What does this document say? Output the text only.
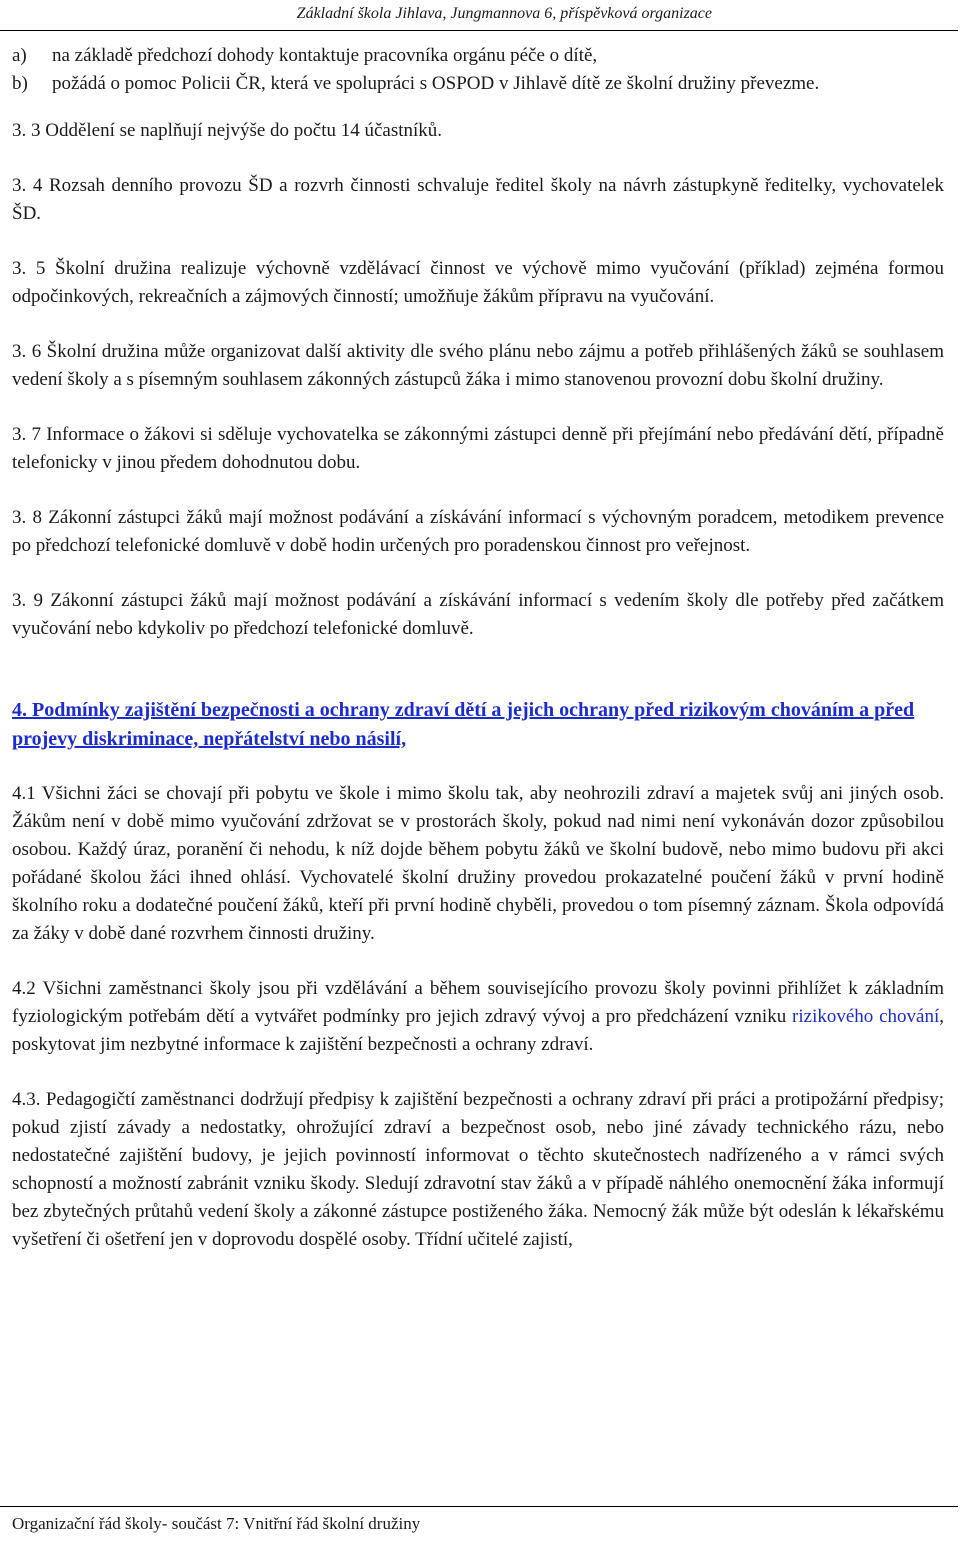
Základní škola Jihlava, Jungmannova 6, příspěvková organizace
a)	na základě předchozí dohody kontaktuje pracovníka orgánu péče o dítě,
b)	požádá o pomoc Policii ČR, která ve spolupráci s OSPOD v Jihlavě dítě ze školní družiny převezme.

3. 3 Oddělení se naplňují nejvýše do počtu 14 účastníků.

3. 4 Rozsah denního provozu ŠD a rozvrh činnosti schvaluje ředitel školy na návrh zástupkyně ředitelky, vychovatelek ŠD.

3. 5 Školní družina realizuje výchovně vzdělávací činnost ve výchově mimo vyučování (příklad) zejména formou odpočinkových, rekreačních a zájmových činností; umožňuje žákům přípravu na vyučování.

3. 6 Školní družina může organizovat další aktivity dle svého plánu nebo zájmu a potřeb přihlášených žáků se souhlasem vedení školy a s písemným souhlasem zákonných zástupců žáka i mimo stanovenou provozní dobu školní družiny.

3. 7 Informace o žákovi si sděluje vychovatelka se zákonnými zástupci denně při přejímání nebo předávání dětí, případně telefonicky v jinou předem dohodnutou dobu.

3. 8 Zákonní zástupci žáků mají možnost podávání a získávání informací s výchovným poradcem, metodikem prevence po předchozí telefonické domluvě v době hodin určených pro poradenskou činnost pro veřejnost.

3. 9 Zákonní zástupci žáků mají možnost podávání a získávání informací s vedením školy dle potřeby před začátkem vyučování nebo kdykoliv po předchozí telefonické domluvě.

4. Podmínky zajištění bezpečnosti a ochrany zdraví dětí a jejich ochrany před rizikovým chováním a před projevy diskriminace, nepřátelství nebo násilí,

4.1 Všichni žáci se chovají při pobytu ve škole i mimo školu tak, aby neohrozili zdraví a majetek svůj ani jiných osob. Žákům není v době mimo vyučování zdržovat se v prostorách školy, pokud nad nimi není vykonáván dozor způsobilou osobou. Každý úraz, poranění či nehodu, k níž dojde během pobytu žáků ve školní budově, nebo mimo budovu při akci pořádané školou žáci ihned ohlásí. Vychovatelé školní družiny provedou prokazatelné poučení žáků v první hodině školního roku a dodatečné poučení žáků, kteří při první hodině chyběli, provedou o tom písemný záznam. Škola odpovídá za žáky v době dané rozvrhem činnosti družiny.

4.2 Všichni zaměstnanci školy jsou při vzdělávání a během souvisejícího provozu školy povinni přihlížet k základním fyziologickým potřebám dětí a vytvářet podmínky pro jejich zdravý vývoj a pro předcházení vzniku rizikového chování, poskytovat jim nezbytné informace k zajištění bezpečnosti a ochrany zdraví.

4.3. Pedagogičtí zaměstnanci dodržují předpisy k zajištění bezpečnosti a ochrany zdraví při práci a protipožární předpisy; pokud zjistí závady a nedostatky, ohrožující zdraví a bezpečnost osob, nebo jiné závady technického rázu, nebo nedostatečné zajištění budovy, je jejich povinností informovat o těchto skutečnostech nadřízeného a v rámci svých schopností a možností zabránit vzniku škody. Sledují zdravotní stav žáků a v případě náhlého onemocnění žáka informují bez zbytečných průtahů vedení školy a zákonné zástupce postiženého žáka. Nemocný žák může být odeslán k lékařskému vyšetření či ošetření jen v doprovodu dospělé osoby. Třídní učitelé zajistí,

Organizační řád školy- součást 7: Vnitřní řád školní družiny
